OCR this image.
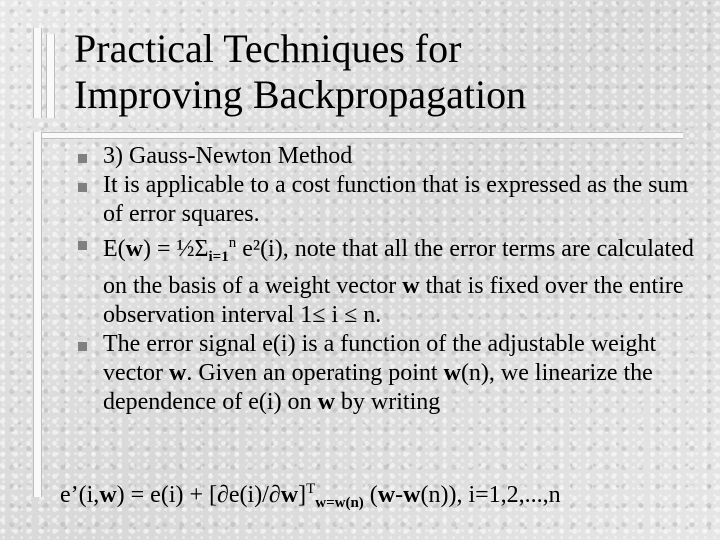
Practical Techniques for
Improving Backpropagation
3) Gauss-Newton Method
It is applicable to a cost function that is expressed as the sum of error squares.
$E(w) = \frac{1}{2}\Sigma_{i=1}^n$ e²(i), note that all the error terms are calculated on the basis of a weight vector w that is fixed over the entire observation interval 1≤ i ≤ n.
The error signal e(i) is a function of the adjustable weight vector w. Given an operating point w(n), we linearize the dependence of e(i) on w by writing
e’(i,w) = $e(i) + [\partial e(i)/\partial w]^T_{w=w(n)}$ (w-w(n)), i=1,2,...,n
